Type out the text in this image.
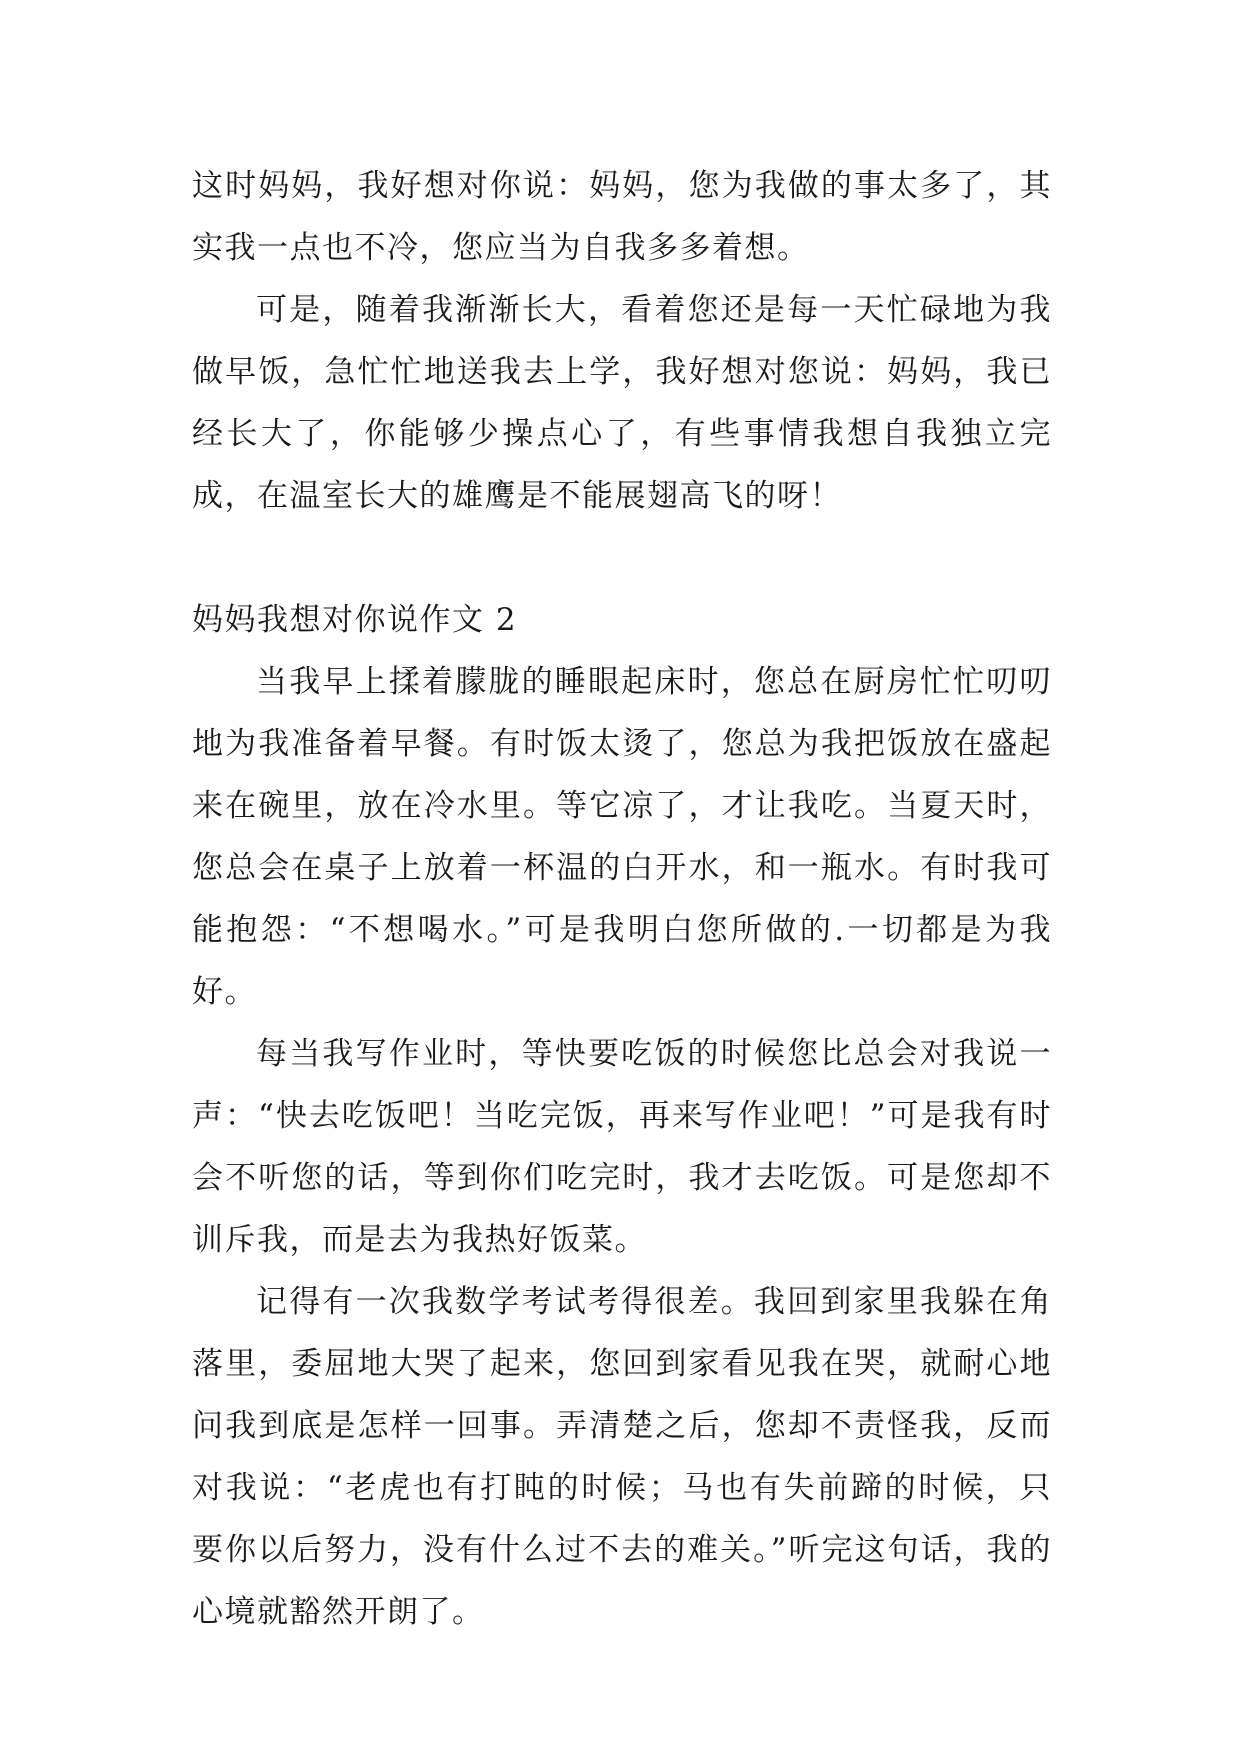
这时妈妈，我好想对你说：妈妈，您为我做的事太多了，其实我一点也不冷，您应当为自我多多着想。

可是，随着我渐渐长大，看着您还是每一天忙碌地为我做早饭，急忙忙地送我去上学，我好想对您说：妈妈，我已经长大了，你能够少操点心了，有些事情我想自我独立完成，在温室长大的雄鹰是不能展翅高飞的呀！

妈妈我想对你说作文 2

当我早上揉着朦胧的睡眼起床时，您总在厨房忙忙叨叨地为我准备着早餐。有时饭太烫了，您总为我把饭放在盛起来在碗里，放在冷水里。等它凉了，才让我吃。当夏天时，您总会在桌子上放着一杯温的白开水，和一瓶水。有时我可能抱怨：“不想喝水。”可是我明白您所做的.一切都是为我好。

每当我写作业时，等快要吃饭的时候您比总会对我说一声：“快去吃饭吧！当吃完饭，再来写作业吧！”可是我有时会不听您的话，等到你们吃完时，我才去吃饭。可是您却不训斥我，而是去为我热好饭菜。

记得有一次我数学考试考得很差。我回到家里我躲在角落里，委屈地大哭了起来，您回到家看见我在哭，就耐心地问我到底是怎样一回事。弄清楚之后，您却不责怪我，反而对我说：“老虎也有打盹的时候；马也有失前蹄的时候，只要你以后努力，没有什么过不去的难关。”听完这句话，我的心境就豁然开朗了。
